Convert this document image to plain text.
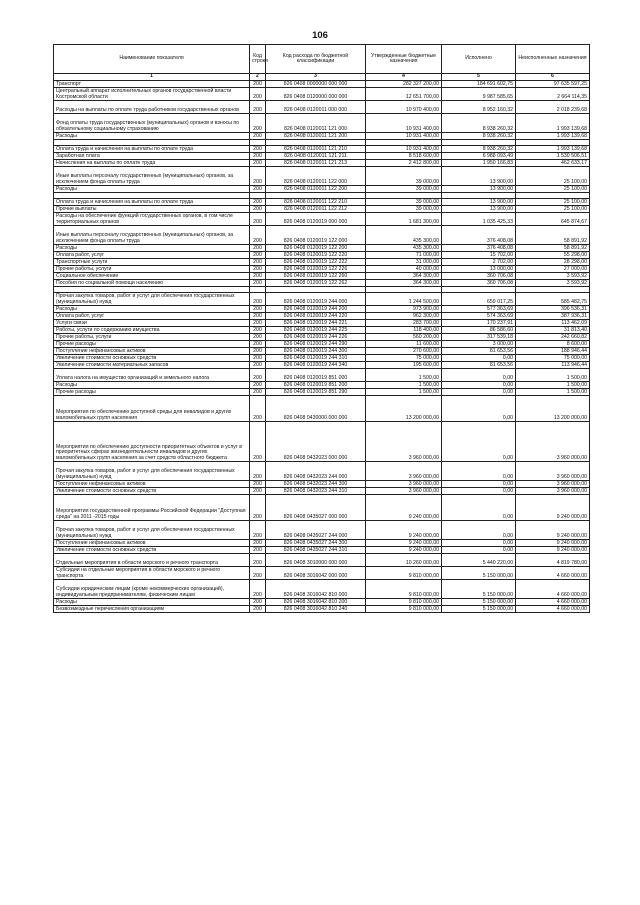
106
Наименование показателя	Код строки	Код расхода по бюджетной классификации	Утвержденные бюджетные назначения	Исполнено	Неисполненные назначения
1	2	3	4	5	6
Транспорт	200	826 0408 0000000 000 000	282 327 200,00	184 691 602,75	97 635 597,25
Центральный аппарат исполнительных органов государственной власти Костромской области	200	826 0408 0120000 000 000	12 651 700,00	9 987 585,65	2 664 114,35
Расходы на выплаты по оплате труда работников государственных органов	200	826 0408 0120011 000 000	10 970 400,00	8 952 160,32	2 018 239,68
Фонд оплаты труда государственных (муниципальных) органов и взносы по обязательному социальному страхованию	200	826 0408 0120011 121 000	10 931 400,00	8 938 260,32	1 993 139,68
Расходы	200	826 0408 0120011 121 200	10 931 400,00	8 938 260,32	1 993 139,68

Оплата труда и начисления на выплаты по оплате труда	200	826 0408 0120011 121 210	10 931 400,00	8 938 260,32	1 993 139,68
Заработная плата	200	826 0408 0120011 121 211	8 518 600,00	6 988 093,49	1 530 506,51
Начисления на выплаты по оплате труда	200	826 0408 0120011 121 213	2 412 800,00	1 950 166,83	462 633,17
Иные выплаты персоналу государственных (муниципальных) органов, за исключением фонда оплаты труда	200	826 0408 0120011 122 000	39 000,00	13 900,00	25 100,00
Расходы	200	826 0408 0120011 122 200	39 000,00	13 900,00	25 100,00

Оплата труда и начисления на выплаты по оплате труда	200	826 0408 0120011 122 210	39 000,00	13 900,00	25 100,00
Прочие выплаты	200	826 0408 0120011 122 212	39 000,00	13 900,00	25 100,00
Расходы на обеспечение функций государственных органов, в том числе территориальных органов	200	826 0408 0120019 000 000	1 681 300,00	1 035 425,33	645 874,67
Иные выплаты персоналу государственных (муниципальных) органов, за исключением фонда оплаты труда	200	826 0408 0120019 122 000	435 300,00	376 408,08	58 891,92
Расходы	200	826 0408 0120019 122 200	435 300,00	376 408,08	58 891,92
Оплата работ, услуг	200	826 0408 0120019 122 220	71 000,00	15 702,00	55 298,00
Транспортные услуги	200	826 0408 0120019 122 222	31 000,00	2 702,00	28 298,00
Прочие работы, услуги	200	826 0408 0120019 122 226	40 000,00	13 000,00	27 000,00
Социальное обеспечение	200	826 0408 0120019 122 260	364 300,00	360 706,08	3 593,92
Пособия по социальной помощи населению	200	826 0408 0120019 122 262	364 300,00	360 706,08	3 593,92

Прочая закупка товаров, работ и услуг для обеспечения государственных (муниципальных) нужд	200	826 0408 0120019 244 000	1 244 500,00	659 017,25	585 482,75
Расходы	200	826 0408 0120019 244 200	973 900,00	577 363,69	396 536,31
Оплата работ, услуг	200	826 0408 0120019 244 220	962 300,00	574 363,69	387 936,31
Услуги связи	200	826 0408 0120019 244 221	283 700,00	170 237,91	113 462,09
Работы, услуги по содержанию имущества	200	826 0408 0120019 244 225	118 400,00	86 586,60	31 813,40
Прочие работы, услуги	200	826 0408 0120019 244 226	560 200,00	317 539,18	242 660,82
Прочие расходы	200	826 0408 0120019 244 290	11 600,00	3 000,00	8 600,00
Поступление нефинансовых активов	200	826 0408 0120019 244 300	270 600,00	81 653,56	188 946,44
Увеличение стоимости основных средств	200	826 0408 0120019 244 310	75 000,00	0,00	75 000,00
Увеличение стоимости материальных запасов	200	826 0408 0120019 244 340	195 600,00	81 653,56	113 946,44
Уплата налога на имущество организаций и земельного налога	200	826 0408 0120019 851 000	1 500,00	0,00	1 500,00
Расходы	200	826 0408 0120019 851 200	1 500,00	0,00	1 500,00
Прочие расходы	200	826 0408 0120019 851 290	1 500,00	0,00	1 500,00
Мероприятия по обеспечению доступной среды для инвалидов и других маломобильных групп населения	200	826 0408 0430000 000 000	13 200 000,00	0,00	13 200 000,00
Мероприятия по обеспечению доступности приоритетных объектов и услуг в приоритетных сферах жизнедеятельности инвалидов и других маломобильных групп населения за счет средств областного бюджета	200	826 0408 0432023 000 000	3 960 000,00	0,00	3 960 000,00
Прочая закупка товаров, работ и услуг для обеспечения государственных (муниципальных) нужд	200	826 0408 0432023 244 000	3 960 000,00	0,00	3 960 000,00
Поступление нефинансовых активов	200	826 0408 0432023 244 300	3 960 000,00	0,00	3 960 000,00
Увеличение стоимости основных средств	200	826 0408 0432023 244 310	3 960 000,00	0,00	3 960 000,00
Мероприятия государственной программы Российской Федерации "Доступная среда" на 2011 -2015 годы	200	826 0408 0435027 000 000	9 240 000,00	0,00	9 240 000,00
Прочая закупка товаров, работ и услуг для обеспечения государственных (муниципальных) нужд	200	826 0408 0435027 244 000	9 240 000,00	0,00	9 240 000,00
Поступление нефинансовых активов	200	826 0408 0435027 244 300	9 240 000,00	0,00	9 240 000,00
Увеличение стоимости основных средств	200	826 0408 0435027 244 310	9 240 000,00	0,00	9 240 000,00
Отдельные мероприятия в области морского и речного транспорта	200	826 0408 3010000 000 000	10 260 000,00	5 440 220,00	4 819 780,00
Субсидии на отдельные мероприятия в области морского и речного транспорта	200	826 0408 3016042 000 000	9 810 000,00	5 150 000,00	4 660 000,00
Субсидии юридическим лицам (кроме некоммерческих организаций), индивидуальным предпринимателям, физическим лицам	200	826 0408 3016042 810 000	9 810 000,00	5 150 000,00	4 660 000,00
Расходы	200	826 0408 3016042 810 200	9 810 000,00	5 150 000,00	4 660 000,00
Безвозмездные перечисления организациям	200	826 0408 3016042 810 240	9 810 000,00	5 150 000,00	4 660 000,00
